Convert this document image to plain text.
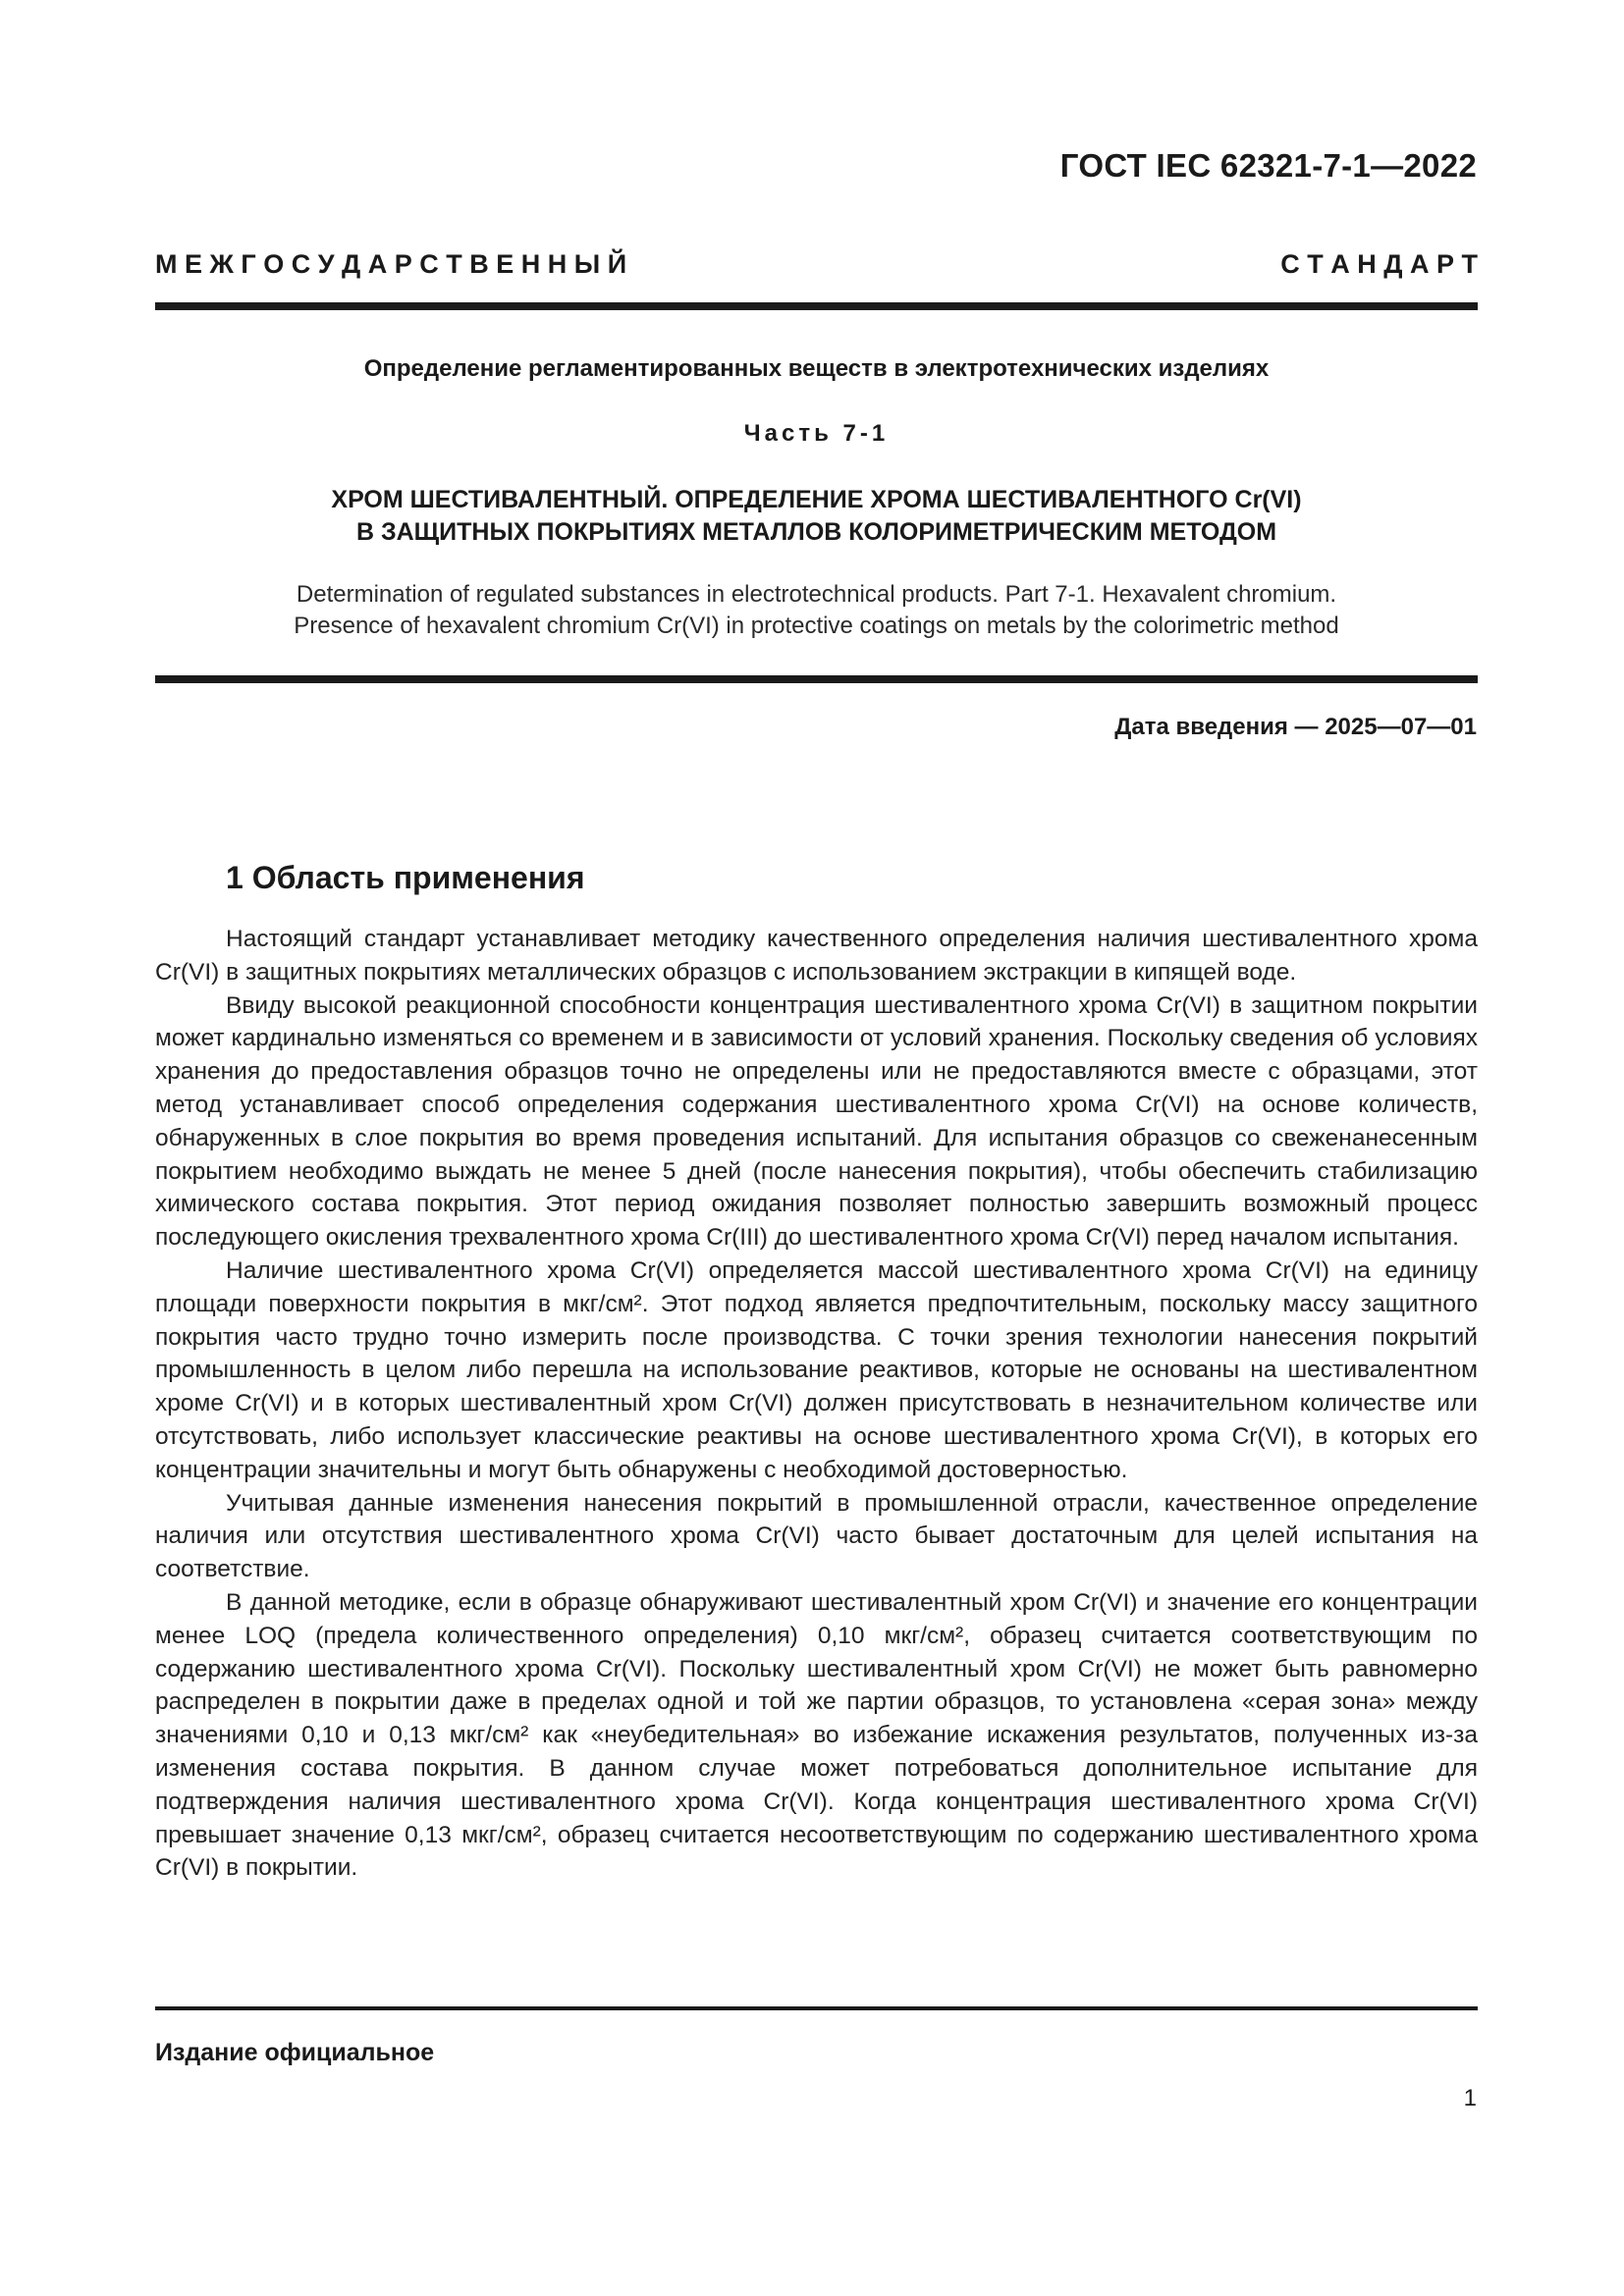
ГОСТ IEC 62321-7-1—2022
М Е Ж Г О С У Д А Р С Т В Е Н Н Ы Й	С Т А Н Д А Р Т
Определение регламентированных веществ в электротехнических изделиях
Часть 7-1
ХРОМ ШЕСТИВАЛЕНТНЫЙ. ОПРЕДЕЛЕНИЕ ХРОМА ШЕСТИВАЛЕНТНОГО Cr(VI)
В ЗАЩИТНЫХ ПОКРЫТИЯХ МЕТАЛЛОВ КОЛОРИМЕТРИЧЕСКИМ МЕТОДОМ
Determination of regulated substances in electrotechnical products. Part 7-1. Hexavalent chromium.
Presence of hexavalent chromium Cr(VI) in protective coatings on metals by the colorimetric method
Дата введения — 2025—07—01
1 Область применения

Настоящий стандарт устанавливает методику качественного определения наличия шестивалентного хрома Cr(VI) в защитных покрытиях металлических образцов с использованием экстракции в кипящей воде.

Ввиду высокой реакционной способности концентрация шестивалентного хрома Cr(VI) в защитном покрытии может кардинально изменяться со временем и в зависимости от условий хранения. Поскольку сведения об условиях хранения до предоставления образцов точно не определены или не предоставляются вместе с образцами, этот метод устанавливает способ определения содержания шестивалентного хрома Cr(VI) на основе количеств, обнаруженных в слое покрытия во время проведения испытаний. Для испытания образцов со свеженанесенным покрытием необходимо выждать не менее 5 дней (после нанесения покрытия), чтобы обеспечить стабилизацию химического состава покрытия. Этот период ожидания позволяет полностью завершить возможный процесс последующего окисления трехвалентного хрома Cr(III) до шестивалентного хрома Cr(VI) перед началом испытания.

Наличие шестивалентного хрома Cr(VI) определяется массой шестивалентного хрома Cr(VI) на единицу площади поверхности покрытия в мкг/см². Этот подход является предпочтительным, поскольку массу защитного покрытия часто трудно точно измерить после производства. С точки зрения технологии нанесения покрытий промышленность в целом либо перешла на использование реактивов, которые не основаны на шестивалентном хроме Cr(VI) и в которых шестивалентный хром Cr(VI) должен присутствовать в незначительном количестве или отсутствовать, либо использует классические реактивы на основе шестивалентного хрома Cr(VI), в которых его концентрации значительны и могут быть обнаружены с необходимой достоверностью.

Учитывая данные изменения нанесения покрытий в промышленной отрасли, качественное определение наличия или отсутствия шестивалентного хрома Cr(VI) часто бывает достаточным для целей испытания на соответствие.

В данной методике, если в образце обнаруживают шестивалентный хром Cr(VI) и значение его концентрации менее LOQ (предела количественного определения) 0,10 мкг/см², образец считается соответствующим по содержанию шестивалентного хрома Cr(VI). Поскольку шестивалентный хром Cr(VI) не может быть равномерно распределен в покрытии даже в пределах одной и той же партии образцов, то установлена «серая зона» между значениями 0,10 и 0,13 мкг/см² как «неубедительная» во избежание искажения результатов, полученных из-за изменения состава покрытия. В данном случае может потребоваться дополнительное испытание для подтверждения наличия шестивалентного хрома Cr(VI). Когда концентрация шестивалентного хрома Cr(VI) превышает значение 0,13 мкг/см², образец считается несоответствующим по содержанию шестивалентного хрома Cr(VI) в покрытии.

Издание официальное
1
